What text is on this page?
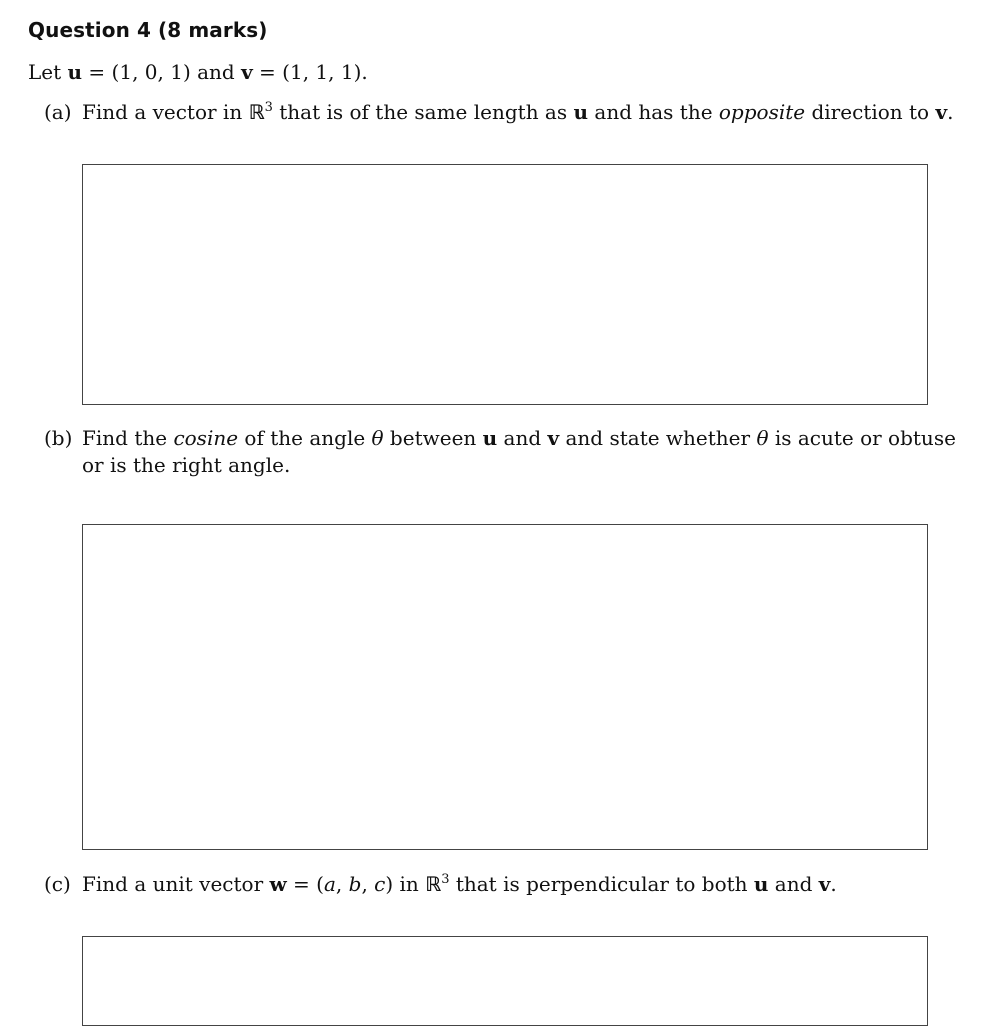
Question 4 (8 marks)
Let u = (1, 0, 1) and v = (1, 1, 1).
(a) Find a vector in ℝ$^3$ that is of the same length as u and has the opposite direction to v.
(b) Find the cosine of the angle θ between u and v and state whether θ is acute or obtuse
or is the right angle.
(c) Find a unit vector w = (a, b, c) in ℝ$^3$ that is perpendicular to both u and v.
